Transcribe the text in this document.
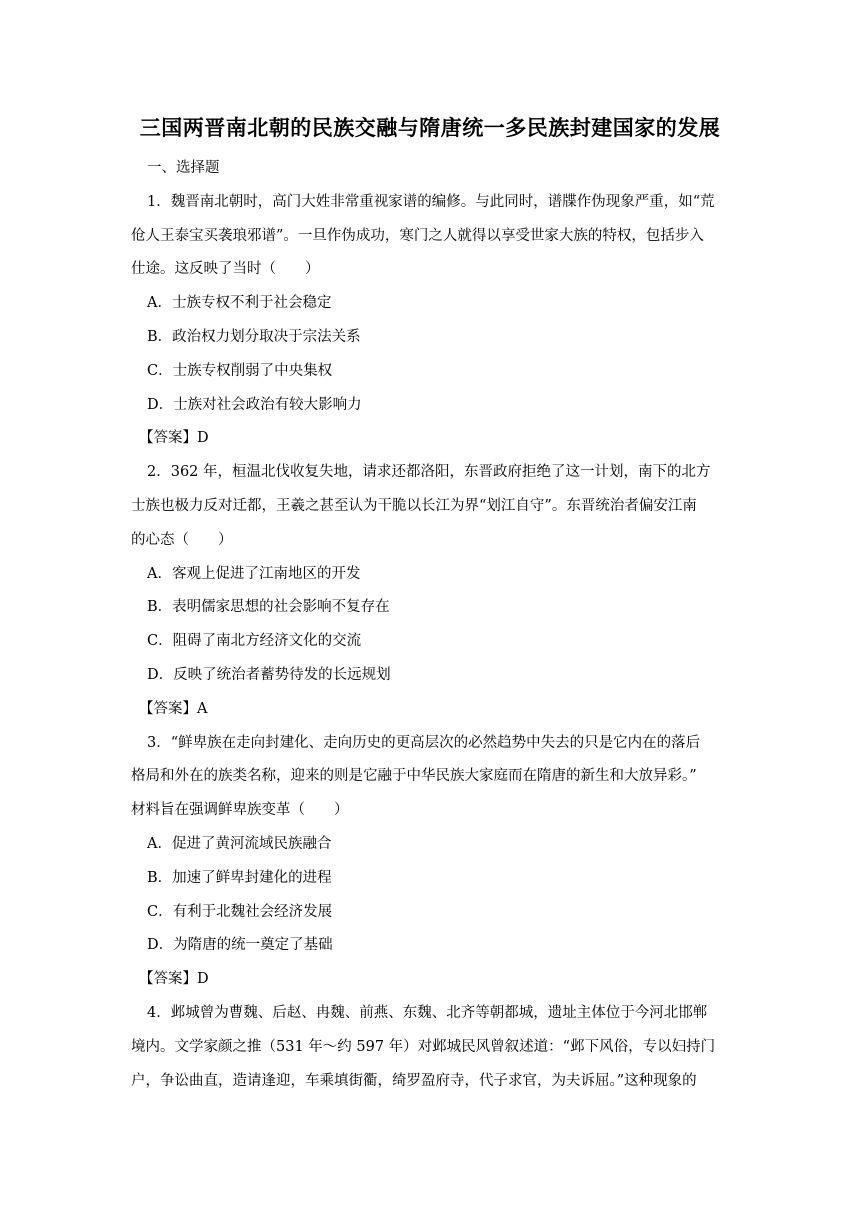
三国两晋南北朝的民族交融与隋唐统一多民族封建国家的发展
一、选择题
1．魏晋南北朝时，高门大姓非常重视家谱的编修。与此同时，谱牒作伪现象严重，如“荒
伧人王泰宝买袭琅邪谱”。一旦作伪成功，寒门之人就得以享受世家大族的特权，包括步入
仕途。这反映了当时（　　）
A．士族专权不利于社会稳定
B．政治权力划分取决于宗法关系
C．士族专权削弱了中央集权
D．士族对社会政治有较大影响力
【答案】D
2．362 年，桓温北伐收复失地，请求还都洛阳，东晋政府拒绝了这一计划，南下的北方
士族也极力反对迁都，王羲之甚至认为干脆以长江为界“划江自守”。东晋统治者偏安江南
的心态（　　）
A．客观上促进了江南地区的开发
B．表明儒家思想的社会影响不复存在
C．阻碍了南北方经济文化的交流
D．反映了统治者蓄势待发的长远规划
【答案】A
3．“鲜卑族在走向封建化、走向历史的更高层次的必然趋势中失去的只是它内在的落后
格局和外在的族类名称，迎来的则是它融于中华民族大家庭而在隋唐的新生和大放异彩。”
材料旨在强调鲜卑族变革（　　）
A．促进了黄河流域民族融合
B．加速了鲜卑封建化的进程
C．有利于北魏社会经济发展
D．为隋唐的统一奠定了基础
【答案】D
4．邺城曾为曹魏、后赵、冉魏、前燕、东魏、北齐等朝都城，遗址主体位于今河北邯郸
境内。文学家颜之推（531 年～约 597 年）对邺城民风曾叙述道：“邺下风俗，专以妇持门
户，争讼曲直，造请逢迎，车乘填街衢，绮罗盈府寺，代子求官，为夫诉屈。”这种现象的
